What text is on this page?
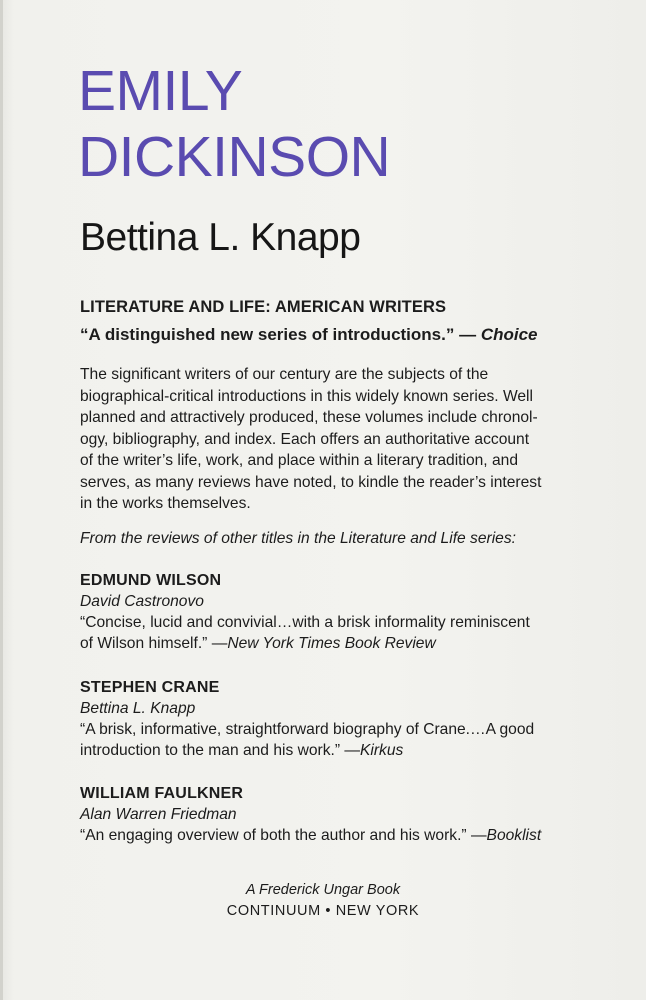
EMILY
DICKINSON
Bettina L. Knapp
LITERATURE AND LIFE: AMERICAN WRITERS
“A distinguished new series of introductions.” — Choice
The significant writers of our century are the subjects of the
biographical-critical introductions in this widely known series. Well
planned and attractively produced, these volumes include chronol-
ogy, bibliography, and index. Each offers an authoritative account
of the writer’s life, work, and place within a literary tradition, and
serves, as many reviews have noted, to kindle the reader’s interest
in the works themselves.
From the reviews of other titles in the Literature and Life series:
EDMUND WILSON
David Castronovo
“Concise, lucid and convivial…with a brisk informality reminiscent
of Wilson himself.” —New York Times Book Review
STEPHEN CRANE
Bettina L. Knapp
“A brisk, informative, straightforward biography of Crane.…A good
introduction to the man and his work.” —Kirkus
WILLIAM FAULKNER
Alan Warren Friedman
“An engaging overview of both the author and his work.” —Booklist
A Frederick Ungar Book
CONTINUUM • NEW YORK
